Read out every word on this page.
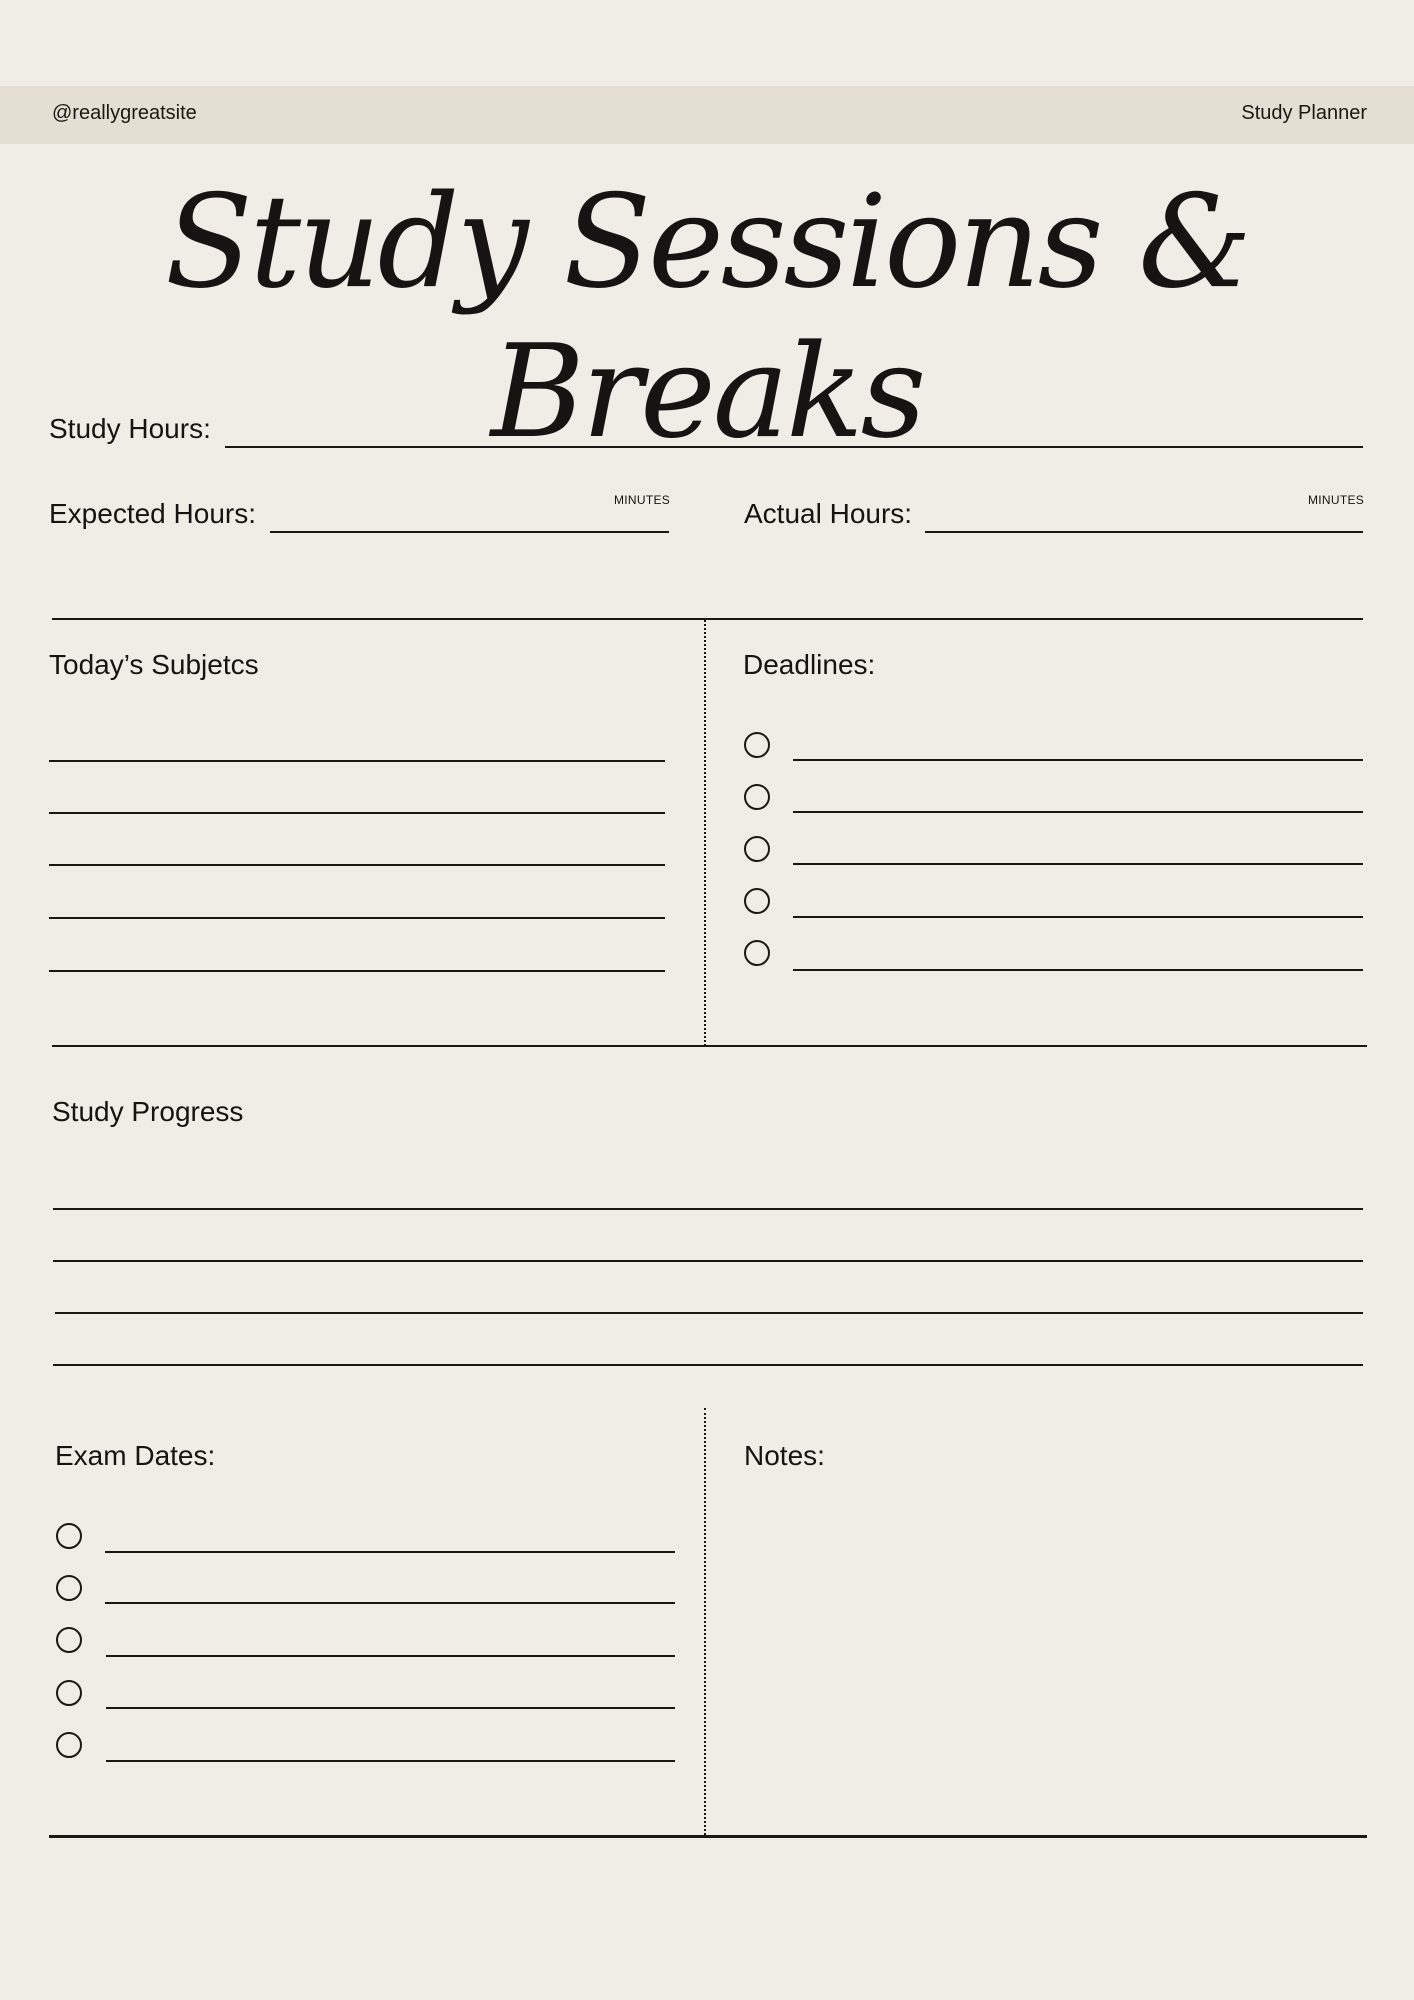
@reallygreatsite	Study Planner
Study Sessions & Breaks
Study Hours:
Expected Hours:	MINUTES	Actual Hours:	MINUTES
Today’s Subjetcs	Deadlines:
Study Progress
Exam Dates:	Notes:
